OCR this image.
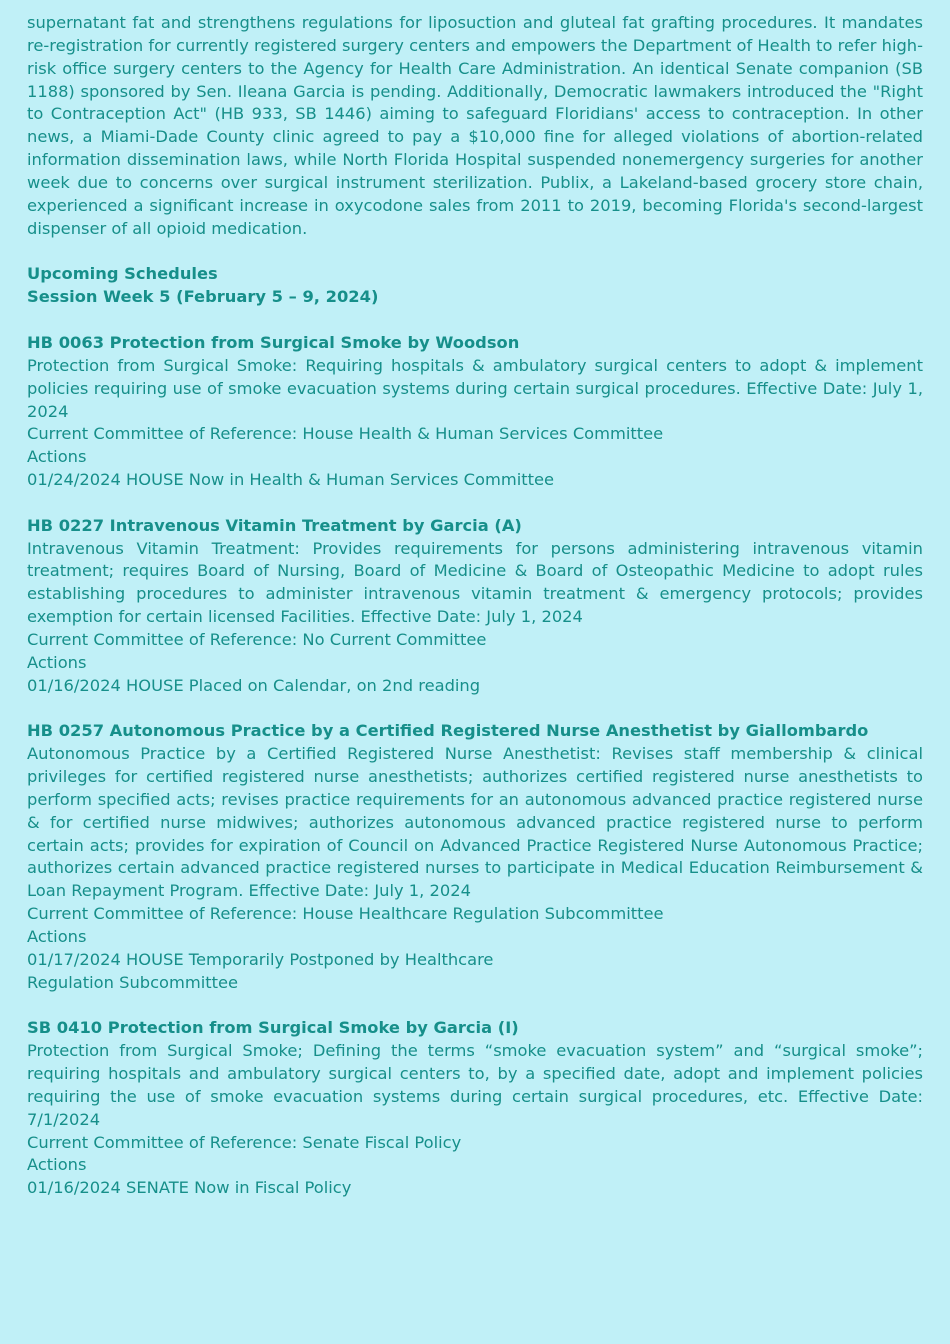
supernatant fat and strengthens regulations for liposuction and gluteal fat grafting procedures. It mandates re-registration for currently registered surgery centers and empowers the Department of Health to refer high-risk office surgery centers to the Agency for Health Care Administration. An identical Senate companion (SB 1188) sponsored by Sen. Ileana Garcia is pending. Additionally, Democratic lawmakers introduced the "Right to Contraception Act" (HB 933, SB 1446) aiming to safeguard Floridians' access to contraception. In other news, a Miami-Dade County clinic agreed to pay a $10,000 fine for alleged violations of abortion-related information dissemination laws, while North Florida Hospital suspended nonemergency surgeries for another week due to concerns over surgical instrument sterilization. Publix, a Lakeland-based grocery store chain, experienced a significant increase in oxycodone sales from 2011 to 2019, becoming Florida's second-largest dispenser of all opioid medication.

Upcoming Schedules

Session Week 5 (February 5 – 9, 2024)

HB 0063 Protection from Surgical Smoke by Woodson

Protection from Surgical Smoke: Requiring hospitals & ambulatory surgical centers to adopt & implement policies requiring use of smoke evacuation systems during certain surgical procedures. Effective Date: July 1, 2024

Current Committee of Reference: House Health & Human Services Committee

Actions

01/24/2024 HOUSE Now in Health & Human Services Committee

HB 0227 Intravenous Vitamin Treatment by Garcia (A)

Intravenous Vitamin Treatment: Provides requirements for persons administering intravenous vitamin treatment; requires Board of Nursing, Board of Medicine & Board of Osteopathic Medicine to adopt rules establishing procedures to administer intravenous vitamin treatment & emergency protocols; provides exemption for certain licensed Facilities. Effective Date: July 1, 2024

Current Committee of Reference: No Current Committee

Actions

01/16/2024 HOUSE Placed on Calendar, on 2nd reading

HB 0257 Autonomous Practice by a Certified Registered Nurse Anesthetist by Giallombardo

Autonomous Practice by a Certified Registered Nurse Anesthetist: Revises staff membership & clinical privileges for certified registered nurse anesthetists; authorizes certified registered nurse anesthetists to perform specified acts; revises practice requirements for an autonomous advanced practice registered nurse & for certified nurse midwives; authorizes autonomous advanced practice registered nurse to perform certain acts; provides for expiration of Council on Advanced Practice Registered Nurse Autonomous Practice; authorizes certain advanced practice registered nurses to participate in Medical Education Reimbursement & Loan Repayment Program. Effective Date: July 1, 2024

Current Committee of Reference: House Healthcare Regulation Subcommittee

Actions

01/17/2024 HOUSE Temporarily Postponed by Healthcare
Regulation Subcommittee

SB 0410 Protection from Surgical Smoke by Garcia (I)

Protection from Surgical Smoke; Defining the terms “smoke evacuation system” and “surgical smoke”; requiring hospitals and ambulatory surgical centers to, by a specified date, adopt and implement policies requiring the use of smoke evacuation systems during certain surgical procedures, etc. Effective Date: 7/1/2024

Current Committee of Reference: Senate Fiscal Policy

Actions

01/16/2024 SENATE Now in Fiscal Policy
